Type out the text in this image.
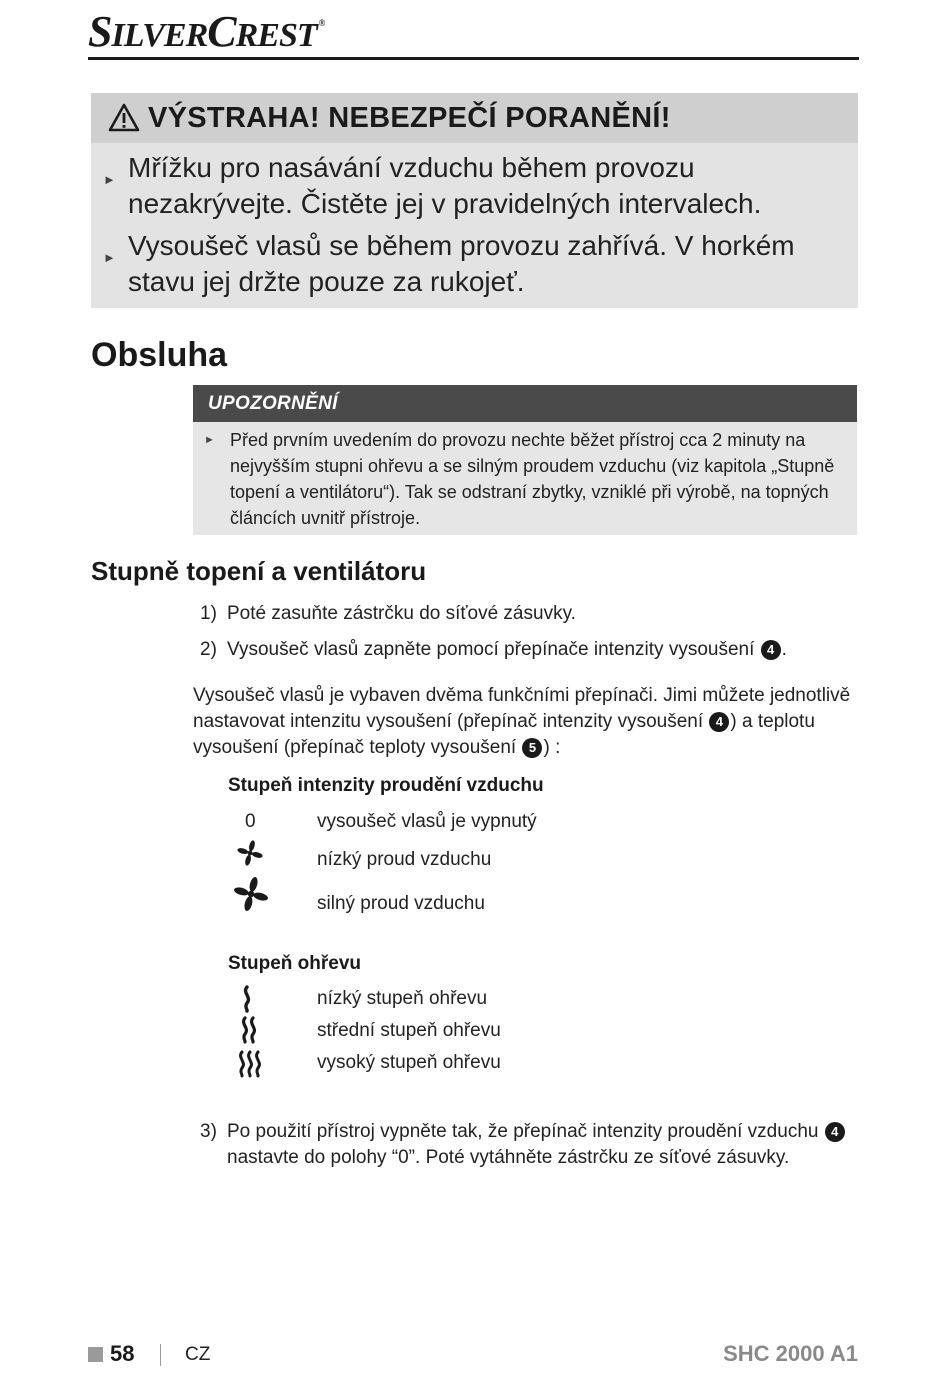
SILVERCREST ®
VÝSTRAHA! NEBEZPEČÍ PORANĚNÍ!
► Mřížku pro nasávání vzduchu během provozu nezakrývejte. Čistěte jej v pravidelných intervalech.
► Vysoušeč vlasů se během provozu zahřívá. V horkém stavu jej držte pouze za rukojeť.
Obsluha
UPOZORNĚNÍ
► Před prvním uvedením do provozu nechte běžet přístroj cca 2 minuty na nejvyšším stupni ohřevu a se silným proudem vzduchu (viz kapitola „Stupně topení a ventilátoru“). Tak se odstraní zbytky, vzniklé při výrobě, na topných článcích uvnitř přístroje.
Stupně topení a ventilátoru
1) Poté zasuňte zástrčku do síťové zásuvky.
2) Vysoušeč vlasů zapněte pomocí přepínače intenzity vysoušení 4 .
Vysoušeč vlasů je vybaven dvěma funkčními přepínači. Jimi můžete jednotlivě nastavovat intenzitu vysoušení (přepínač intenzity vysoušení 4 ) a teplotu vysoušení (přepínač teploty vysoušení 5 ) :
Stupeň intenzity proudění vzduchu
0	vysoušeč vlasů je vypnutý
nízký proud vzduchu
silný proud vzduchu
Stupeň ohřevu
nízký stupeň ohřevu
střední stupeň ohřevu
vysoký stupeň ohřevu
3) Po použití přístroj vypněte tak, že přepínač intenzity proudění vzduchu 4
nastavte do polohy “0”. Poté vytáhněte zástrčku ze síťové zásuvky.
58	CZ	SHC 2000 A1
